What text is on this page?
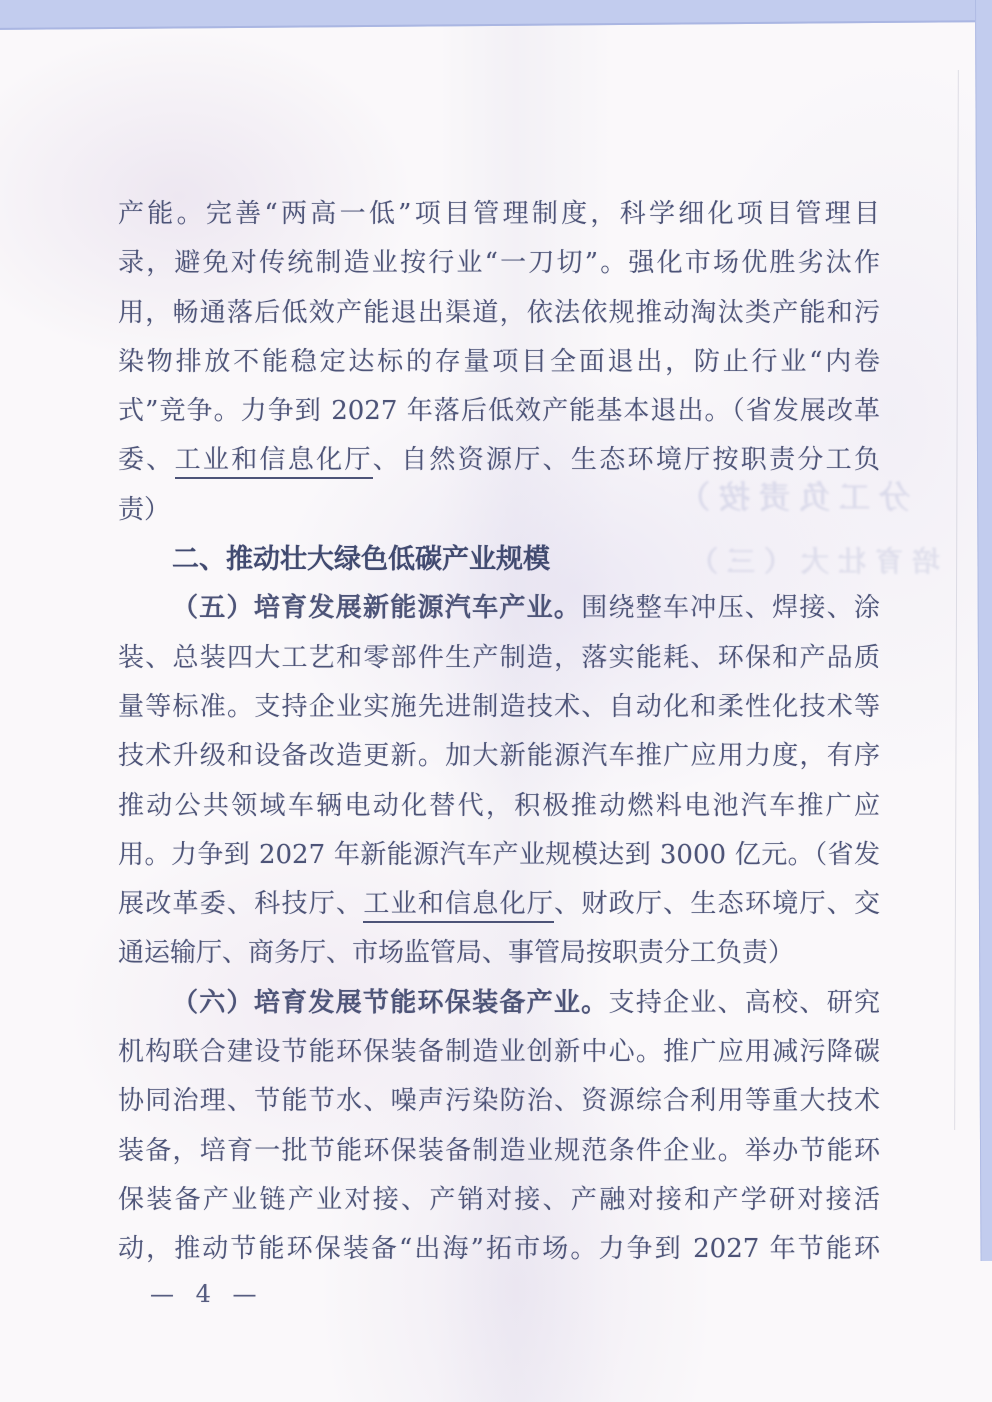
产能。完善“两高一低”项目管理制度，科学细化项目管理目
录，避免对传统制造业按行业“一刀切”。强化市场优胜劣汰作
用，畅通落后低效产能退出渠道，依法依规推动淘汰类产能和污
染物排放不能稳定达标的存量项目全面退出，防止行业“内卷
式”竞争。力争到 2027 年落后低效产能基本退出。（省发展改革
委、工业和信息化厅、自然资源厅、生态环境厅按职责分工负
责）
二、推动壮大绿色低碳产业规模
（五）培育发展新能源汽车产业。围绕整车冲压、焊接、涂
装、总装四大工艺和零部件生产制造，落实能耗、环保和产品质
量等标准。支持企业实施先进制造技术、自动化和柔性化技术等
技术升级和设备改造更新。加大新能源汽车推广应用力度，有序
推动公共领域车辆电动化替代，积极推动燃料电池汽车推广应
用。力争到 2027 年新能源汽车产业规模达到 3000 亿元。（省发
展改革委、科技厅、工业和信息化厅、财政厅、生态环境厅、交
通运输厅、商务厅、市场监管局、事管局按职责分工负责）
（六）培育发展节能环保装备产业。支持企业、高校、研究
机构联合建设节能环保装备制造业创新中心。推广应用减污降碳
协同治理、节能节水、噪声污染防治、资源综合利用等重大技术
装备，培育一批节能环保装备制造业规范条件企业。举办节能环
保装备产业链产业对接、产销对接、产融对接和产学研对接活
动，推动节能环保装备“出海”拓市场。力争到 2027 年节能环
— 4 —
